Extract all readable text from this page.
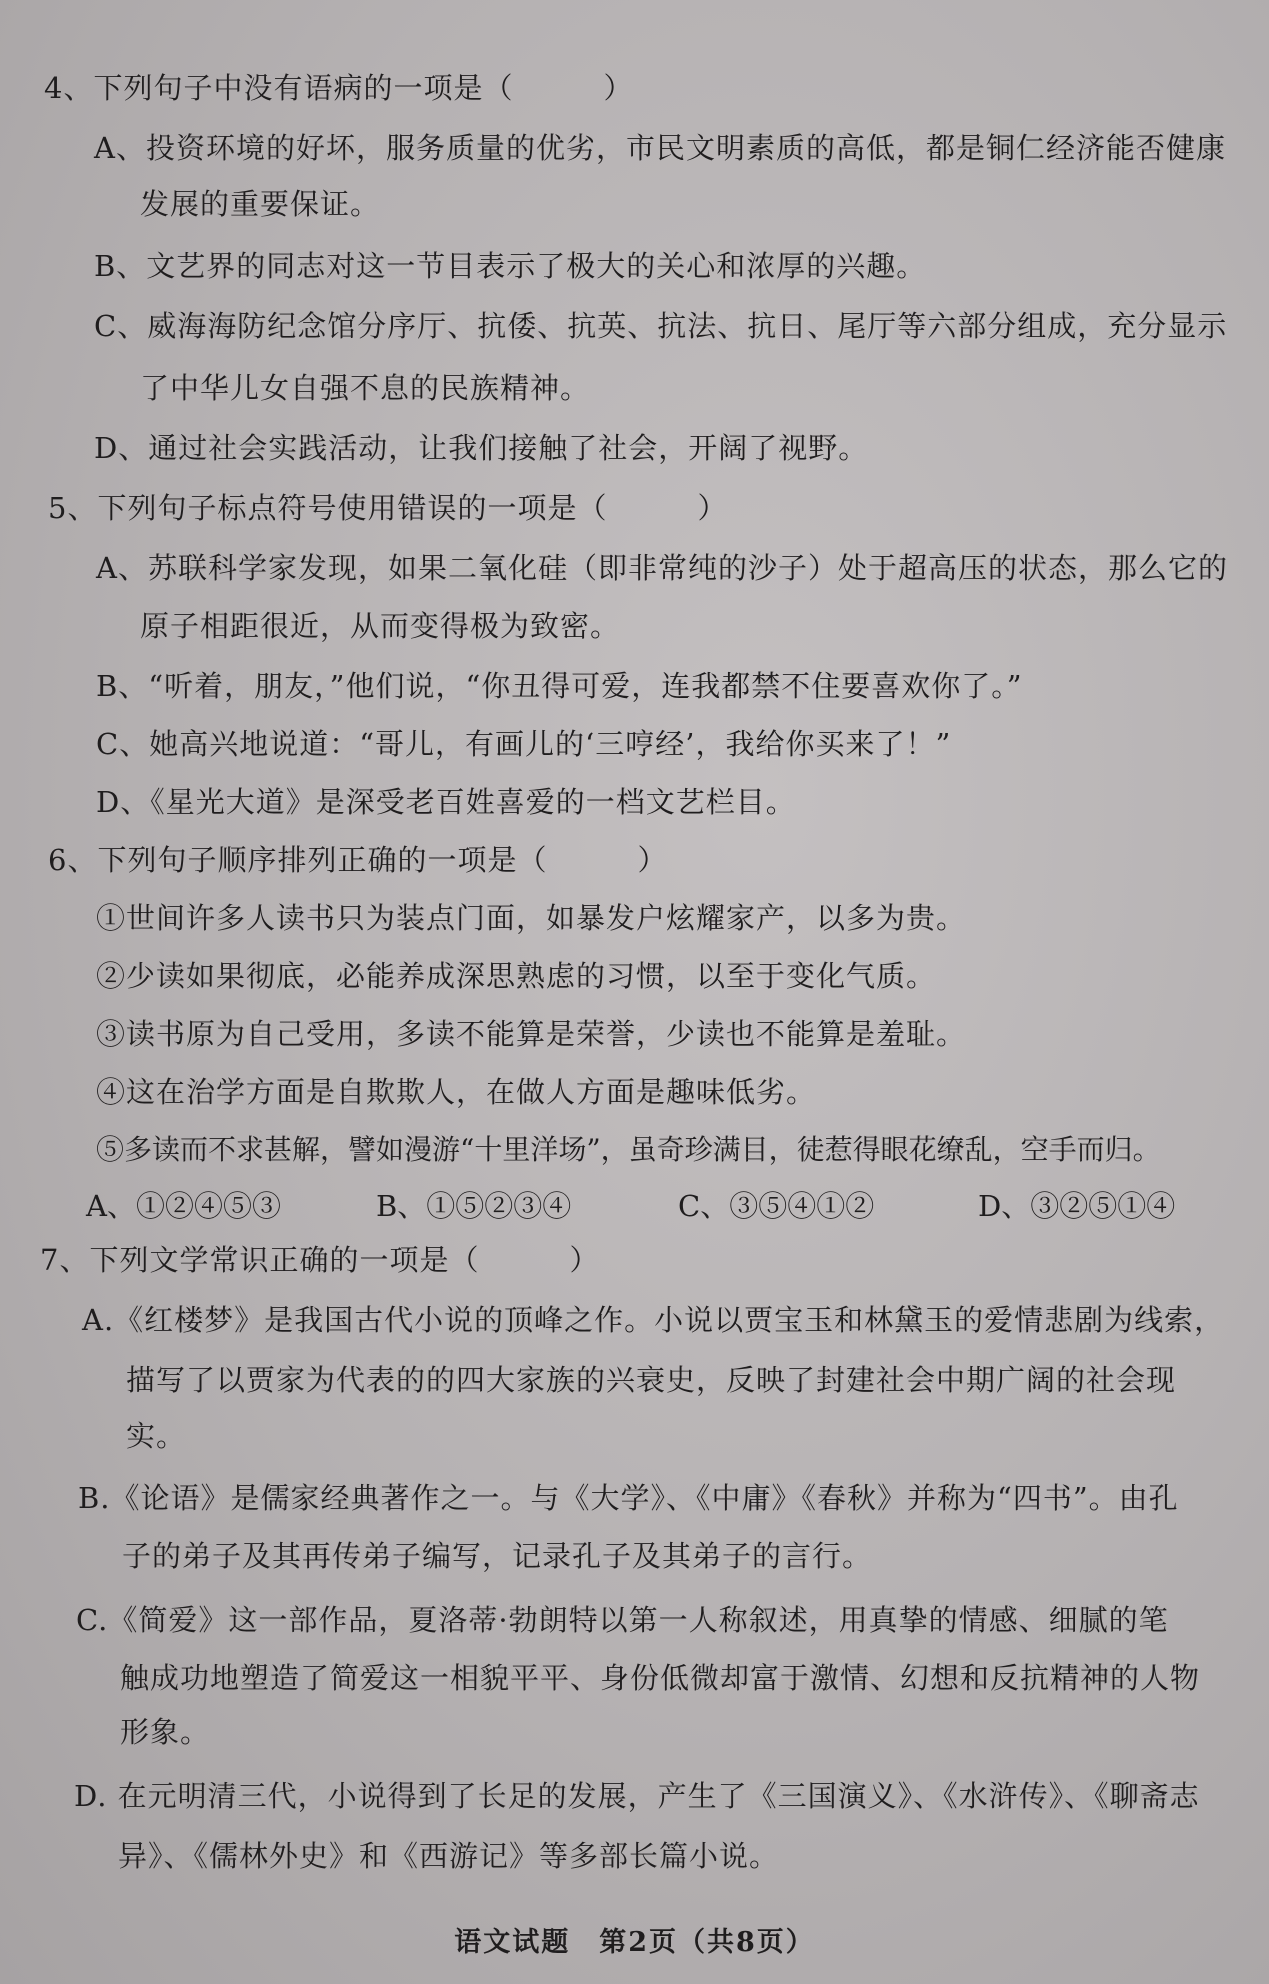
4、下列句子中没有语病的一项是（　　　）
A、投资环境的好坏，服务质量的优劣，市民文明素质的高低，都是铜仁经济能否健康
发展的重要保证。
B、文艺界的同志对这一节目表示了极大的关心和浓厚的兴趣。
C、威海海防纪念馆分序厅、抗倭、抗英、抗法、抗日、尾厅等六部分组成，充分显示
了中华儿女自强不息的民族精神。
D、通过社会实践活动，让我们接触了社会，开阔了视野。
5、下列句子标点符号使用错误的一项是（　　　）
A、苏联科学家发现，如果二氧化硅（即非常纯的沙子）处于超高压的状态，那么它的
原子相距很近，从而变得极为致密。
B、“听着，朋友，”他们说，“你丑得可爱，连我都禁不住要喜欢你了。”
C、她高兴地说道：“哥儿，有画儿的‘三哼经’，我给你买来了！”
D、《星光大道》是深受老百姓喜爱的一档文艺栏目。
6、下列句子顺序排列正确的一项是（　　　）
①世间许多人读书只为装点门面，如暴发户炫耀家产，以多为贵。
②少读如果彻底，必能养成深思熟虑的习惯，以至于变化气质。
③读书原为自己受用，多读不能算是荣誉，少读也不能算是羞耻。
④这在治学方面是自欺欺人，在做人方面是趣味低劣。
⑤多读而不求甚解，譬如漫游“十里洋场”，虽奇珍满目，徒惹得眼花缭乱，空手而归。
A、①②④⑤③	B、①⑤②③④	C、③⑤④①②	D、③②⑤①④
7、下列文学常识正确的一项是（　　　）
A.《红楼梦》是我国古代小说的顶峰之作。小说以贾宝玉和林黛玉的爱情悲剧为线索，
描写了以贾家为代表的的四大家族的兴衰史，反映了封建社会中期广阔的社会现
实。
B.《论语》是儒家经典著作之一。与《大学》、《中庸》《春秋》并称为“四书”。由孔
子的弟子及其再传弟子编写，记录孔子及其弟子的言行。
C.《简爱》这一部作品，夏洛蒂·勃朗特以第一人称叙述，用真挚的情感、细腻的笔
触成功地塑造了简爱这一相貌平平、身份低微却富于激情、幻想和反抗精神的人物
形象。
D. 在元明清三代，小说得到了长足的发展，产生了《三国演义》、《水浒传》、《聊斋志
异》、《儒林外史》和《西游记》等多部长篇小说。
语文试题　第2页（共8页）
